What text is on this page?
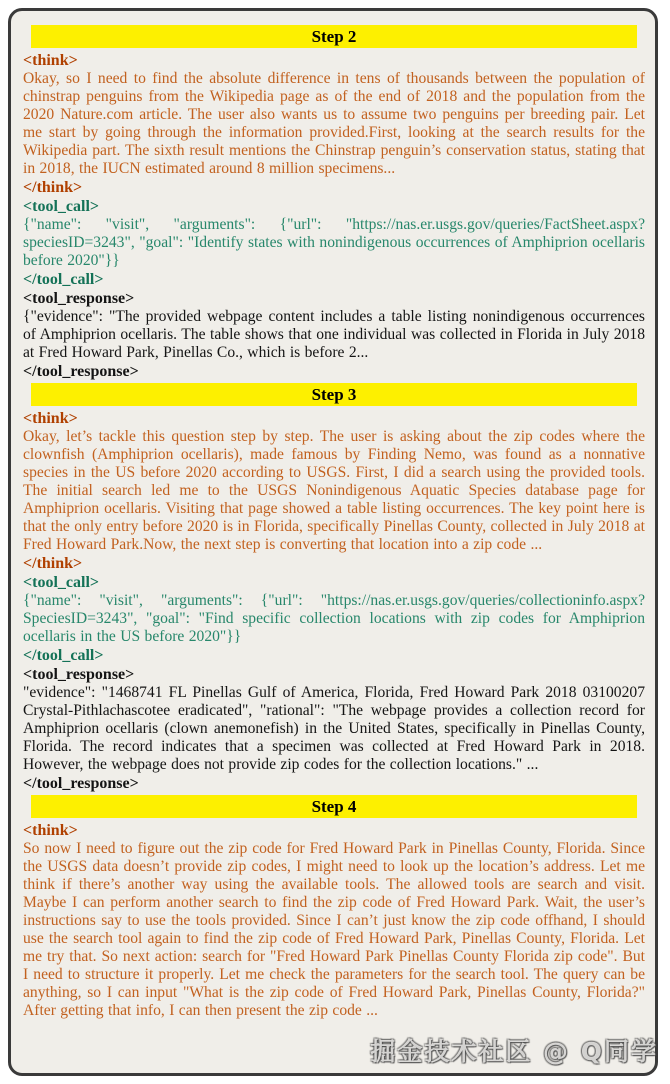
Step 2
<think>

Okay, so I need to find the absolute difference in tens of thousands between the population of chinstrap penguins from the Wikipedia page as of the end of 2018 and the population from the 2020 Nature.com article. The user also wants us to assume two penguins per breeding pair. Let me start by going through the information provided.First, looking at the search results for the Wikipedia part. The sixth result mentions the Chinstrap penguin’s conservation status, stating that in 2018, the IUCN estimated around 8 million specimens...

</think>
<tool_call>

{"name": "visit", "arguments": {"url": "https://nas.er.usgs.gov/queries/FactSheet.aspx?speciesID=3243", "goal": "Identify states with nonindigenous occurrences of Amphiprion ocellaris before 2020"}}

</tool_call>
<tool_response>

{"evidence": "The provided webpage content includes a table listing nonindigenous occurrences of Amphiprion ocellaris. The table shows that one individual was collected in Florida in July 2018 at Fred Howard Park, Pinellas Co., which is before 2...

</tool_response>
Step 3
<think>

Okay, let’s tackle this question step by step. The user is asking about the zip codes where the clownfish (Amphiprion ocellaris), made famous by Finding Nemo, was found as a nonnative species in the US before 2020 according to USGS. First, I did a search using the provided tools. The initial search led me to the USGS Nonindigenous Aquatic Species database page for Amphiprion ocellaris. Visiting that page showed a table listing occurrences. The key point here is that the only entry before 2020 is in Florida, specifically Pinellas County, collected in July 2018 at Fred Howard Park.Now, the next step is converting that location into a zip code ...

</think>
<tool_call>

{"name": "visit", "arguments": {"url": "https://nas.er.usgs.gov/queries/collectioninfo.aspx?SpeciesID=3243", "goal": "Find specific collection locations with zip codes for Amphiprion ocellaris in the US before 2020"}}

</tool_call>
<tool_response>

"evidence": "1468741 FL Pinellas Gulf of America, Florida, Fred Howard Park 2018 03100207 Crystal-Pithlachascotee eradicated", "rational": "The webpage provides a collection record for Amphiprion ocellaris (clown anemonefish) in the United States, specifically in Pinellas County, Florida. The record indicates that a specimen was collected at Fred Howard Park in 2018. However, the webpage does not provide zip codes for the collection locations." ...

</tool_response>
Step 4
<think>

So now I need to figure out the zip code for Fred Howard Park in Pinellas County, Florida. Since the USGS data doesn’t provide zip codes, I might need to look up the location’s address. Let me think if there’s another way using the available tools. The allowed tools are search and visit. Maybe I can perform another search to find the zip code of Fred Howard Park. Wait, the user’s instructions say to use the tools provided. Since I can’t just know the zip code offhand, I should use the search tool again to find the zip code of Fred Howard Park, Pinellas County, Florida. Let me try that. So next action: search for "Fred Howard Park Pinellas County Florida zip code". But I need to structure it properly. Let me check the parameters for the search tool. The query can be anything, so I can input "What is the zip code of Fred Howard Park, Pinellas County, Florida?" After getting that info, I can then present the zip code ...

掘金技术社区 @ Q同学
